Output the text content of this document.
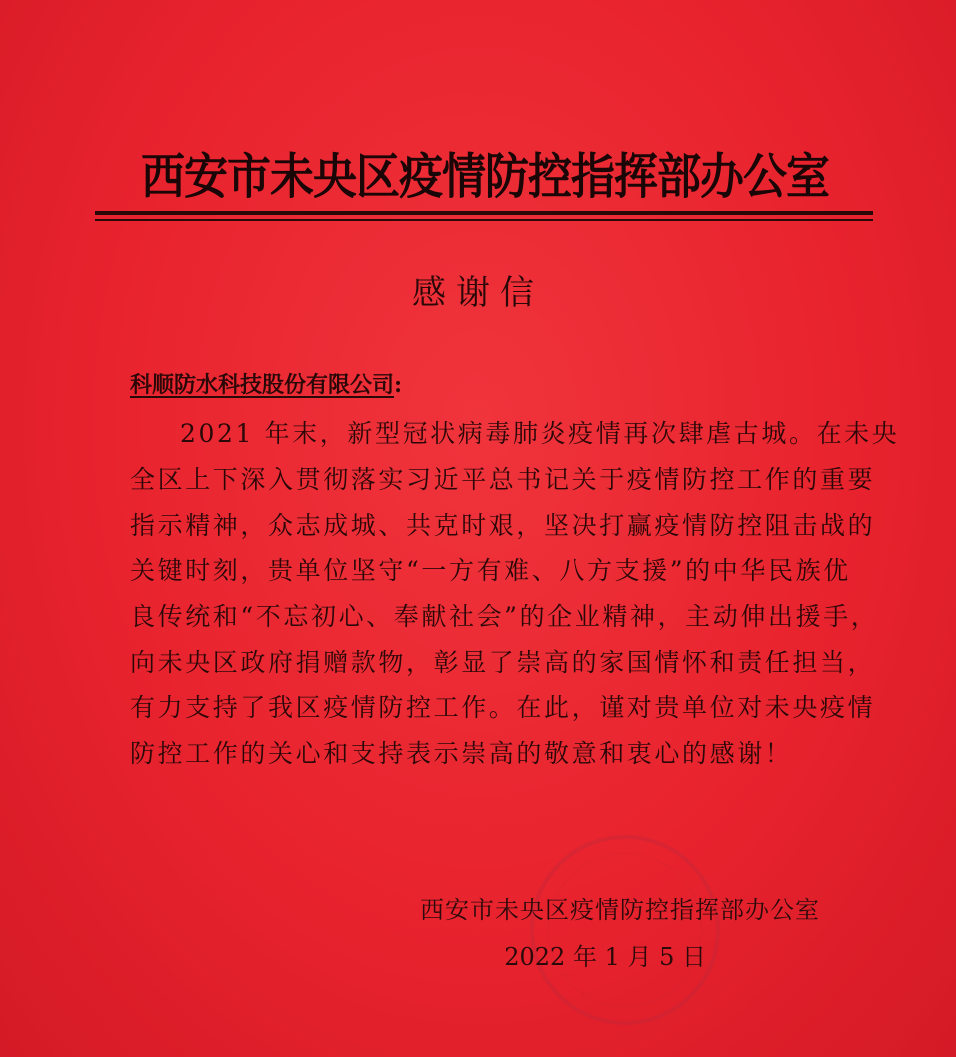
西安市未央区疫情防控指挥部办公室
感谢信
科顺防水科技股份有限公司:
2021 年末，新型冠状病毒肺炎疫情再次肆虐古城。在未央
全区上下深入贯彻落实习近平总书记关于疫情防控工作的重要
指示精神，众志成城、共克时艰，坚决打赢疫情防控阻击战的
关键时刻，贵单位坚守“一方有难、八方支援”的中华民族优
良传统和“不忘初心、奉献社会”的企业精神，主动伸出援手，
向未央区政府捐赠款物，彰显了崇高的家国情怀和责任担当，
有力支持了我区疫情防控工作。在此，谨对贵单位对未央疫情
防控工作的关心和支持表示崇高的敬意和衷心的感谢！
西安市未央区疫情防控指挥部办公室
2022 年 1 月 5 日
